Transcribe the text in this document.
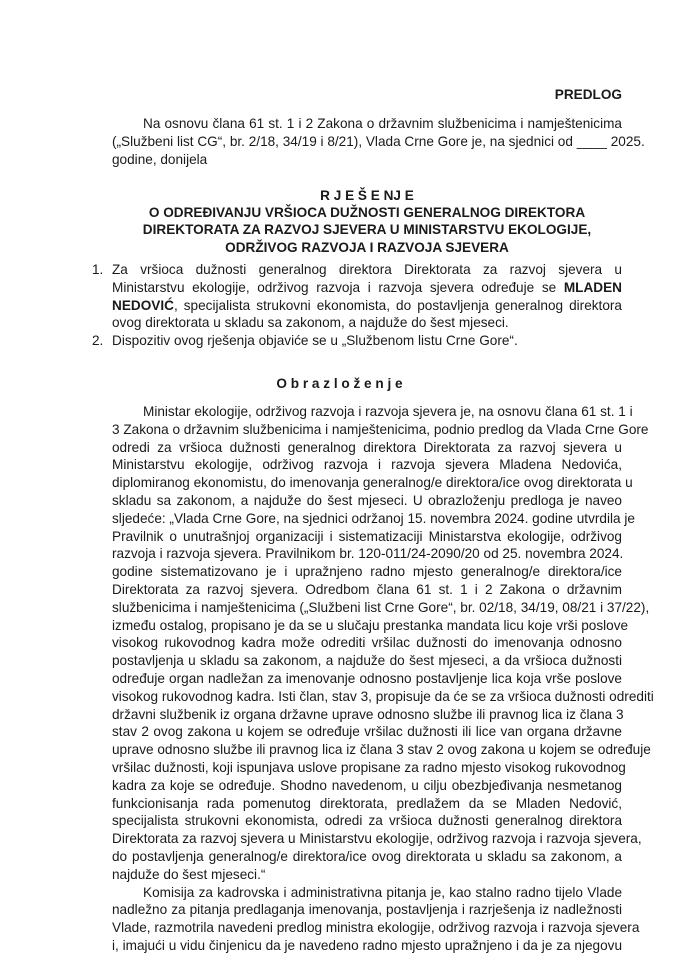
PREDLOG
Na osnovu člana 61 st. 1 i 2 Zakona o državnim službenicima i namještenicima
(„Službeni list CG“, br. 2/18, 34/19 i 8/21), Vlada Crne Gore je, na sjednici od ____ 2025.
godine, donijela
R J E Š E NJ E
O ODREĐIVANJU VRŠIOCA DUŽNOSTI GENERALNOG DIREKTORA
DIREKTORATA ZA RAZVOJ SJEVERA U MINISTARSTVU EKOLOGIJE,
ODRŽIVOG RAZVOJA I RAZVOJA SJEVERA
1. Za vršioca dužnosti generalnog direktora Direktorata za razvoj sjevera u
Ministarstvu ekologije, održivog razvoja i razvoja sjevera određuje se MLADEN
NEDOVIĆ, specijalista strukovni ekonomista, do postavljenja generalnog direktora
ovog direktorata u skladu sa zakonom, a najduže do šest mjeseci.
2. Dispozitiv ovog rješenja objaviće se u „Službenom listu Crne Gore“.
O b r a z l o ž e n j e
Ministar ekologije, održivog razvoja i razvoja sjevera je, na osnovu člana 61 st. 1 i
3 Zakona o državnim službenicima i namještenicima, podnio predlog da Vlada Crne Gore
odredi za vršioca dužnosti generalnog direktora Direktorata za razvoj sjevera u
Ministarstvu ekologije, održivog razvoja i razvoja sjevera Mladena Nedovića,
diplomiranog ekonomistu, do imenovanja generalnog/e direktora/ice ovog direktorata u
skladu sa zakonom, a najduže do šest mjeseci. U obrazloženju predloga je naveo
sljedeće: „Vlada Crne Gore, na sjednici održanoj 15. novembra 2024. godine utvrdila je
Pravilnik o unutrašnjoj organizaciji i sistematizaciji Ministarstva ekologije, održivog
razvoja i razvoja sjevera. Pravilnikom br. 120-011/24-2090/20 od 25. novembra 2024.
godine sistematizovano je i upražnjeno radno mjesto generalnog/e direktora/ice
Direktorata za razvoj sjevera. Odredbom člana 61 st. 1 i 2 Zakona o državnim
službenicima i namještenicima („Službeni list Crne Gore“, br. 02/18, 34/19, 08/21 i 37/22),
između ostalog, propisano je da se u slučaju prestanka mandata licu koje vrši poslove
visokog rukovodnog kadra može odrediti vršilac dužnosti do imenovanja odnosno
postavljenja u skladu sa zakonom, a najduže do šest mjeseci, a da vršioca dužnosti
određuje organ nadležan za imenovanje odnosno postavljenje lica koja vrše poslove
visokog rukovodnog kadra. Isti član, stav 3, propisuje da će se za vršioca dužnosti odrediti
državni službenik iz organa državne uprave odnosno službe ili pravnog lica iz člana 3
stav 2 ovog zakona u kojem se određuje vršilac dužnosti ili lice van organa državne
uprave odnosno službe ili pravnog lica iz člana 3 stav 2 ovog zakona u kojem se određuje
vršilac dužnosti, koji ispunjava uslove propisane za radno mjesto visokog rukovodnog
kadra za koje se određuje. Shodno navedenom, u cilju obezbjeđivanja nesmetanog
funkcionisanja rada pomenutog direktorata, predlažem da se Mladen Nedović,
specijalista strukovni ekonomista, odredi za vršioca dužnosti generalnog direktora
Direktorata za razvoj sjevera u Ministarstvu ekologije, održivog razvoja i razvoja sjevera,
do postavljenja generalnog/e direktora/ice ovog direktorata u skladu sa zakonom, a
najduže do šest mjeseci.“
Komisija za kadrovska i administrativna pitanja je, kao stalno radno tijelo Vlade
nadležno za pitanja predlaganja imenovanja, postavljenja i razrješenja iz nadležnosti
Vlade, razmotrila navedeni predlog ministra ekologije, održivog razvoja i razvoja sjevera
i, imajući u vidu činjenicu da je navedeno radno mjesto upražnjeno i da je za njegovu
